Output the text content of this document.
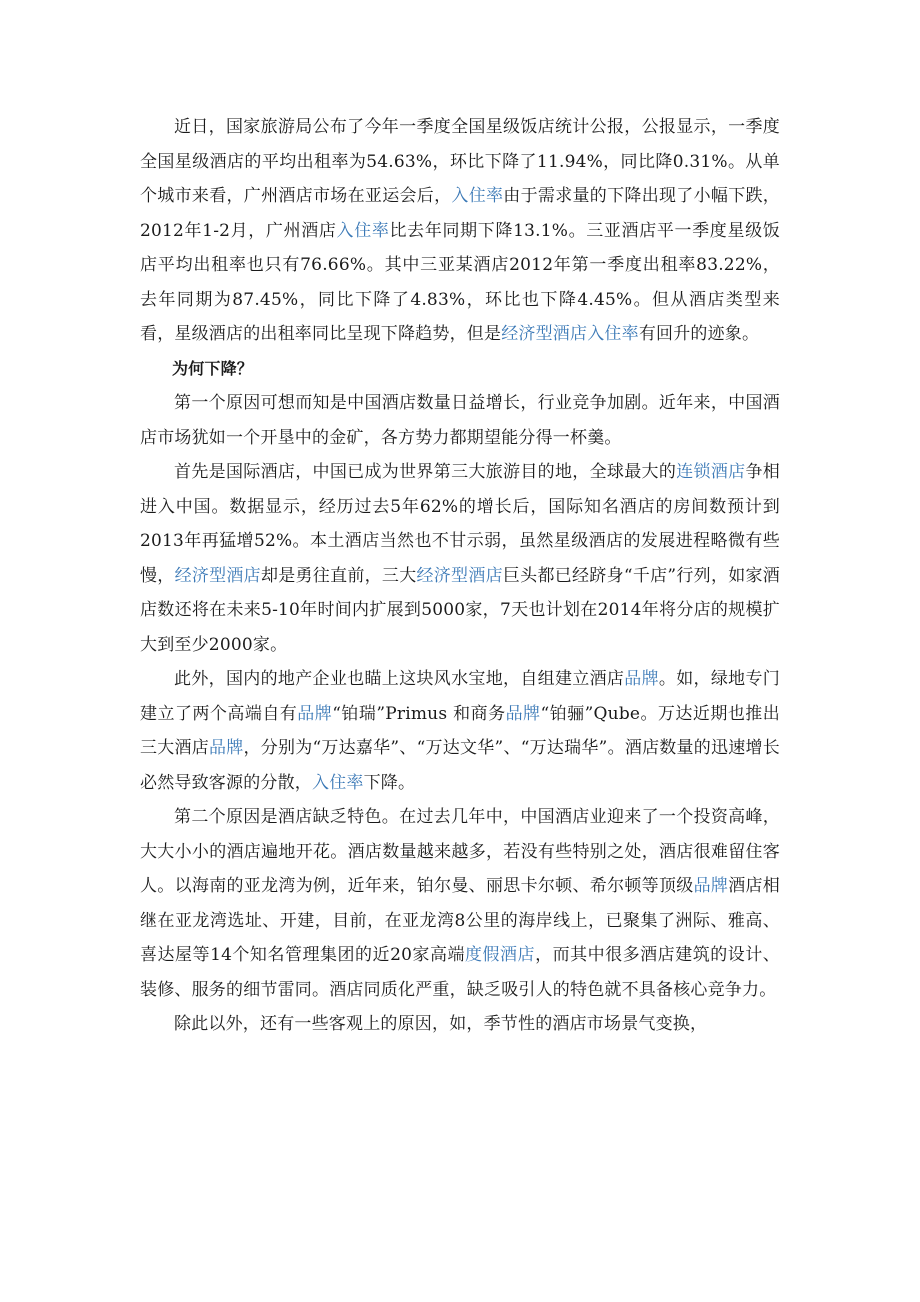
近日，国家旅游局公布了今年一季度全国星级饭店统计公报，公报显示，一季度全国星级酒店的平均出租率为54.63%，环比下降了11.94%，同比降0.31%。从单个城市来看，广州酒店市场在亚运会后，入住率由于需求量的下降出现了小幅下跌，2012年1-2月，广州酒店入住率比去年同期下降13.1%。三亚酒店平一季度星级饭店平均出租率也只有76.66%。其中三亚某酒店2012年第一季度出租率83.22%，去年同期为87.45%，同比下降了4.83%，环比也下降4.45%。但从酒店类型来看，星级酒店的出租率同比呈现下降趋势，但是经济型酒店入住率有回升的迹象。

为何下降？

第一个原因可想而知是中国酒店数量日益增长，行业竞争加剧。近年来，中国酒店市场犹如一个开垦中的金矿，各方势力都期望能分得一杯羹。

首先是国际酒店，中国已成为世界第三大旅游目的地，全球最大的连锁酒店争相进入中国。数据显示，经历过去5年62%的增长后，国际知名酒店的房间数预计到2013年再猛增52%。本土酒店当然也不甘示弱，虽然星级酒店的发展进程略微有些慢，经济型酒店却是勇往直前，三大经济型酒店巨头都已经跻身“千店”行列，如家酒店数还将在未来5-10年时间内扩展到5000家，7天也计划在2014年将分店的规模扩大到至少2000家。

此外，国内的地产企业也瞄上这块风水宝地，自组建立酒店品牌。如，绿地专门建立了两个高端自有品牌“铂瑞”Primus 和商务品牌“铂骊”Qube。万达近期也推出三大酒店品牌，分别为“万达嘉华”、“万达文华”、“万达瑞华”。酒店数量的迅速增长必然导致客源的分散，入住率下降。

第二个原因是酒店缺乏特色。在过去几年中，中国酒店业迎来了一个投资高峰，大大小小的酒店遍地开花。酒店数量越来越多，若没有些特别之处，酒店很难留住客人。以海南的亚龙湾为例，近年来，铂尔曼、丽思卡尔顿、希尔顿等顶级品牌酒店相继在亚龙湾选址、开建，目前，在亚龙湾8公里的海岸线上，已聚集了洲际、雅高、喜达屋等14个知名管理集团的近20家高端度假酒店，而其中很多酒店建筑的设计、装修、服务的细节雷同。酒店同质化严重，缺乏吸引人的特色就不具备核心竞争力。

除此以外，还有一些客观上的原因，如，季节性的酒店市场景气变换，
